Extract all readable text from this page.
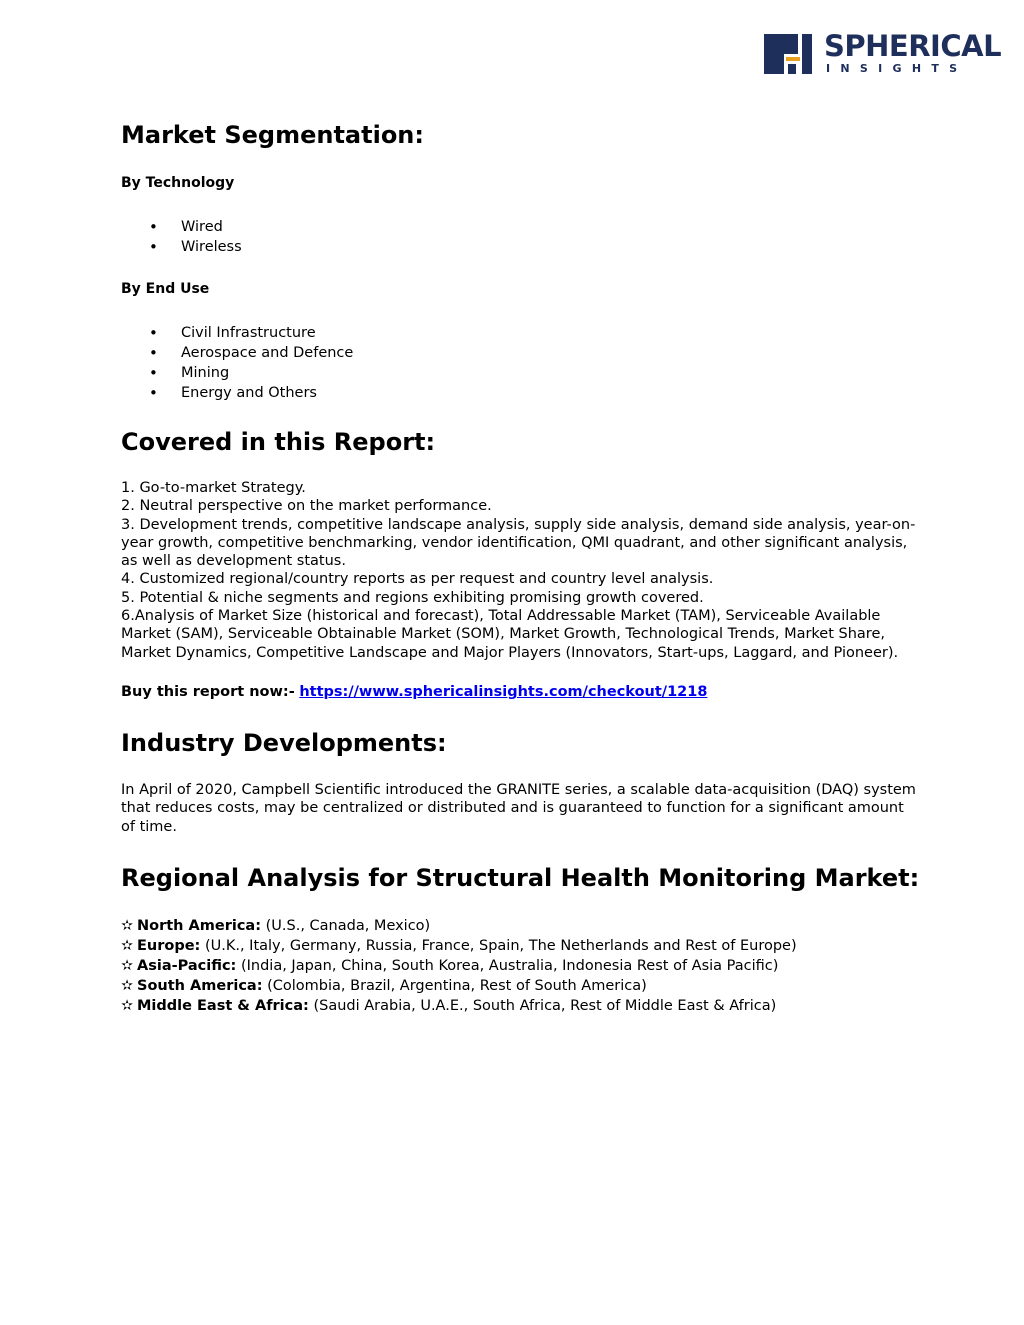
SPHERICAL
INSIGHTS
Market Segmentation:

By Technology

• Wired
• Wireless

By End Use

• Civil Infrastructure
• Aerospace and Defence
• Mining
• Energy and Others
Covered in this Report:
1. Go-to-market Strategy.
2. Neutral perspective on the market performance.
3. Development trends, competitive landscape analysis, supply side analysis, demand side analysis, year-on-year growth, competitive benchmarking, vendor identification, QMI quadrant, and other significant analysis, as well as development status.
4. Customized regional/country reports as per request and country level analysis.
5. Potential & niche segments and regions exhibiting promising growth covered.
6.Analysis of Market Size (historical and forecast), Total Addressable Market (TAM), Serviceable Available Market (SAM), Serviceable Obtainable Market (SOM), Market Growth, Technological Trends, Market Share, Market Dynamics, Competitive Landscape and Major Players (Innovators, Start-ups, Laggard, and Pioneer).

Buy this report now:- https://www.sphericalinsights.com/checkout/1218

Industry Developments:

In April of 2020, Campbell Scientific introduced the GRANITE series, a scalable data-acquisition (DAQ) system that reduces costs, may be centralized or distributed and is guaranteed to function for a significant amount of time.

Regional Analysis for Structural Health Monitoring Market:
✫ North America: (U.S., Canada, Mexico)
✫ Europe: (U.K., Italy, Germany, Russia, France, Spain, The Netherlands and Rest of Europe)
✫ Asia-Pacific: (India, Japan, China, South Korea, Australia, Indonesia Rest of Asia Pacific)
✫ South America: (Colombia, Brazil, Argentina, Rest of South America)
✫ Middle East & Africa: (Saudi Arabia, U.A.E., South Africa, Rest of Middle East & Africa)
